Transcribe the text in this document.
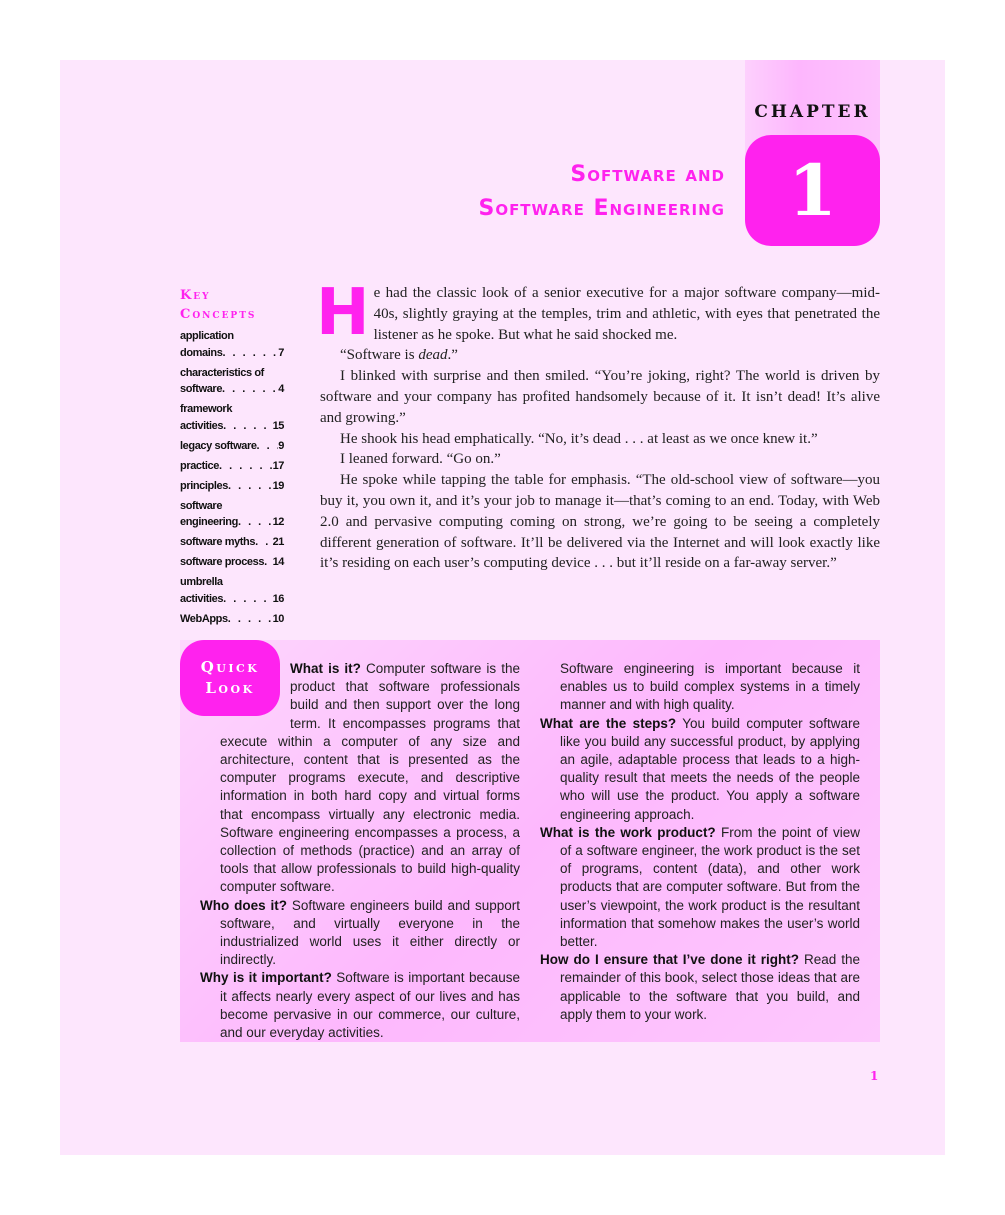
CHAPTER
1
Software and
Software Engineering
Key
Concepts
application
domains . . .	7
characteristics of
software . . .	4
framework
activities . . .	15
legacy software . . . 9
practice . . .	17
principles . . .	19
software
engineering . . .	12
software myths . . . 21
software process . . . 14
umbrella
activities . . .	16
WebApps . . .	10

He had the classic look of a senior executive for a major software company—mid-40s, slightly graying at the temples, trim and athletic, with eyes that penetrated the listener as he spoke. But what he said shocked me.

“Software is dead.”

I blinked with surprise and then smiled. “You’re joking, right? The world is driven by software and your company has profited handsomely because of it. It isn’t dead! It’s alive and growing.”

He shook his head emphatically. “No, it’s dead . . . at least as we once knew it.”

I leaned forward. “Go on.”

He spoke while tapping the table for emphasis. “The old-school view of software—you buy it, you own it, and it’s your job to manage it—that’s coming to an end. Today, with Web 2.0 and pervasive computing coming on strong, we’re going to be seeing a completely different generation of software. It’ll be delivered via the Internet and will look exactly like it’s residing on each user’s computing device . . . but it’ll reside on a far-away server.”

Quick
Look

What is it? Computer software is the product that software professionals build and then support over the long term. It encompasses programs that execute within a computer of any size and architecture, content that is presented as the computer programs execute, and descriptive information in both hard copy and virtual forms that encompass virtually any electronic media. Software engineering encompasses a process, a collection of methods (practice) and an array of tools that allow professionals to build high-quality computer software.

Who does it? Software engineers build and support software, and virtually everyone in the industrialized world uses it either directly or indirectly.

Why is it important? Software is important because it affects nearly every aspect of our lives and has become pervasive in our commerce, our culture, and our everyday activities.

Software engineering is important because it enables us to build complex systems in a timely manner and with high quality.

What are the steps? You build computer software like you build any successful product, by applying an agile, adaptable process that leads to a high-quality result that meets the needs of the people who will use the product. You apply a software engineering approach.

What is the work product? From the point of view of a software engineer, the work product is the set of programs, content (data), and other work products that are computer software. But from the user’s viewpoint, the work product is the resultant information that somehow makes the user’s world better.

How do I ensure that I’ve done it right? Read the remainder of this book, select those ideas that are applicable to the software that you build, and apply them to your work.

1
